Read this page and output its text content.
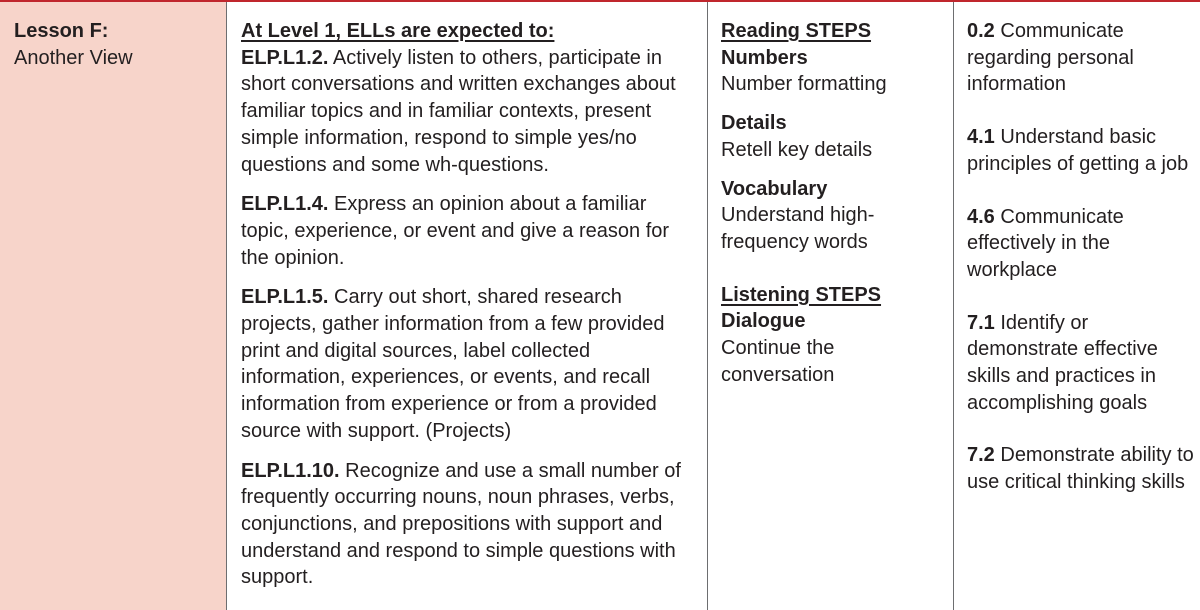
Lesson F:

Another View

At Level 1, ELLs are expected to:

ELP.L1.2. Actively listen to others, participate in short conversations and written exchanges about familiar topics and in familiar contexts, present simple information, respond to simple yes/no questions and some wh-questions.

ELP.L1.4. Express an opinion about a familiar topic, experience, or event and give a reason for the opinion.

ELP.L1.5. Carry out short, shared research projects, gather information from a few provided print and digital sources, label collected information, experiences, or events, and recall information from experience or from a provided source with support. (Projects)

ELP.L1.10. Recognize and use a small number of frequently occurring nouns, noun phrases, verbs, conjunctions, and prepositions with support and understand and respond to simple questions with support.

Reading STEPS

Numbers

Number formatting

Details

Retell key details

Vocabulary

Understand high-frequency words

Listening STEPS

Dialogue

Continue the conversation

0.2 Communicate regarding personal information

4.1 Understand basic principles of getting a job

4.6 Communicate effectively in the workplace

7.1 Identify or demonstrate effective skills and practices in accomplishing goals

7.2 Demonstrate ability to use critical thinking skills
